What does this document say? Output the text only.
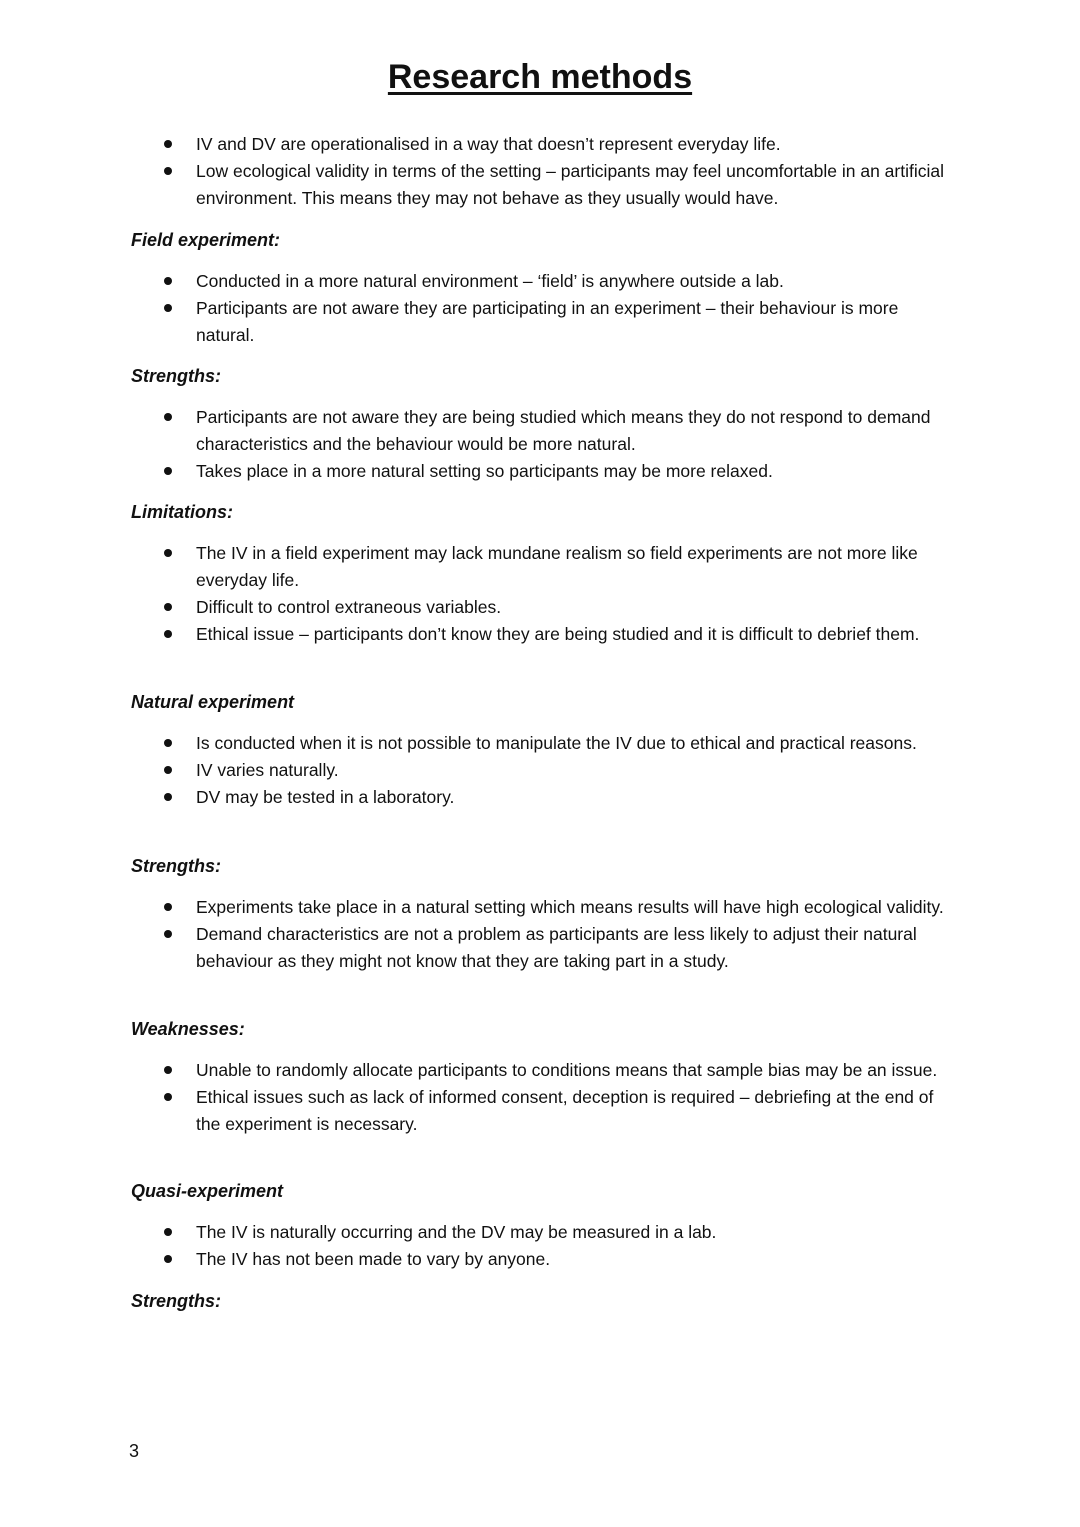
Research methods
IV and DV are operationalised in a way that doesn’t represent everyday life.
Low ecological validity in terms of the setting – participants may feel uncomfortable in an artificial environment. This means they may not behave as they usually would have.

Field experiment:

Conducted in a more natural environment – ‘field’ is anywhere outside a lab.
Participants are not aware they are participating in an experiment – their behaviour is more natural.

Strengths:

Participants are not aware they are being studied which means they do not respond to demand characteristics and the behaviour would be more natural.
Takes place in a more natural setting so participants may be more relaxed.

Limitations:

The IV in a field experiment may lack mundane realism so field experiments are not more like everyday life.
Difficult to control extraneous variables.
Ethical issue – participants don’t know they are being studied and it is difficult to debrief them.

Natural experiment

Is conducted when it is not possible to manipulate the IV due to ethical and practical reasons.
IV varies naturally.
DV may be tested in a laboratory.

Strengths:

Experiments take place in a natural setting which means results will have high ecological validity.
Demand characteristics are not a problem as participants are less likely to adjust their natural behaviour as they might not know that they are taking part in a study.

Weaknesses:

Unable to randomly allocate participants to conditions means that sample bias may be an issue.
Ethical issues such as lack of informed consent, deception is required – debriefing at the end of the experiment is necessary.

Quasi-experiment

The IV is naturally occurring and the DV may be measured in a lab.
The IV has not been made to vary by anyone.

Strengths:

3
